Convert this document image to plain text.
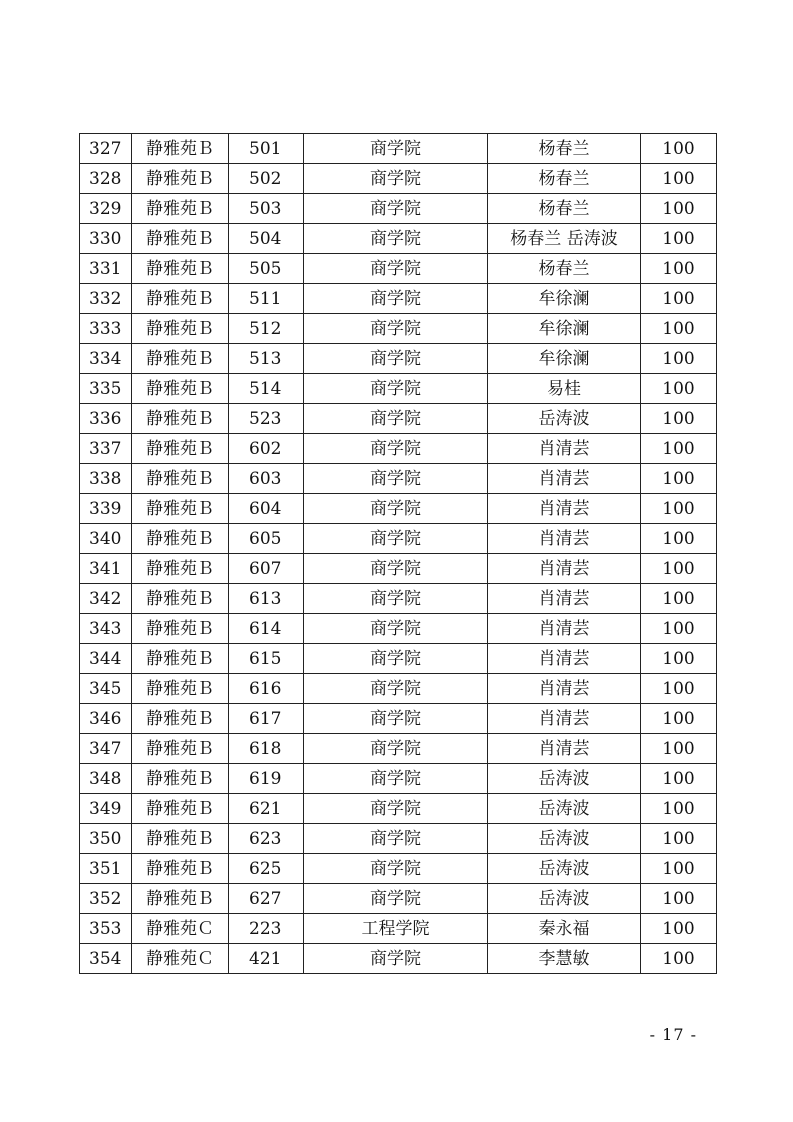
327	静雅苑Ｂ	501	商学院	杨春兰	100
328	静雅苑Ｂ	502	商学院	杨春兰	100
329	静雅苑Ｂ	503	商学院	杨春兰	100
330	静雅苑Ｂ	504	商学院	杨春兰 岳涛波	100
331	静雅苑Ｂ	505	商学院	杨春兰	100
332	静雅苑Ｂ	511	商学院	牟徐澜	100
333	静雅苑Ｂ	512	商学院	牟徐澜	100
334	静雅苑Ｂ	513	商学院	牟徐澜	100
335	静雅苑Ｂ	514	商学院	易桂	100
336	静雅苑Ｂ	523	商学院	岳涛波	100
337	静雅苑Ｂ	602	商学院	肖清芸	100
338	静雅苑Ｂ	603	商学院	肖清芸	100
339	静雅苑Ｂ	604	商学院	肖清芸	100
340	静雅苑Ｂ	605	商学院	肖清芸	100
341	静雅苑Ｂ	607	商学院	肖清芸	100
342	静雅苑Ｂ	613	商学院	肖清芸	100
343	静雅苑Ｂ	614	商学院	肖清芸	100
344	静雅苑Ｂ	615	商学院	肖清芸	100
345	静雅苑Ｂ	616	商学院	肖清芸	100
346	静雅苑Ｂ	617	商学院	肖清芸	100
347	静雅苑Ｂ	618	商学院	肖清芸	100
348	静雅苑Ｂ	619	商学院	岳涛波	100
349	静雅苑Ｂ	621	商学院	岳涛波	100
350	静雅苑Ｂ	623	商学院	岳涛波	100
351	静雅苑Ｂ	625	商学院	岳涛波	100
352	静雅苑Ｂ	627	商学院	岳涛波	100
353	静雅苑Ｃ	223	工程学院	秦永福	100
354	静雅苑Ｃ	421	商学院	李慧敏	100
- 17 -
